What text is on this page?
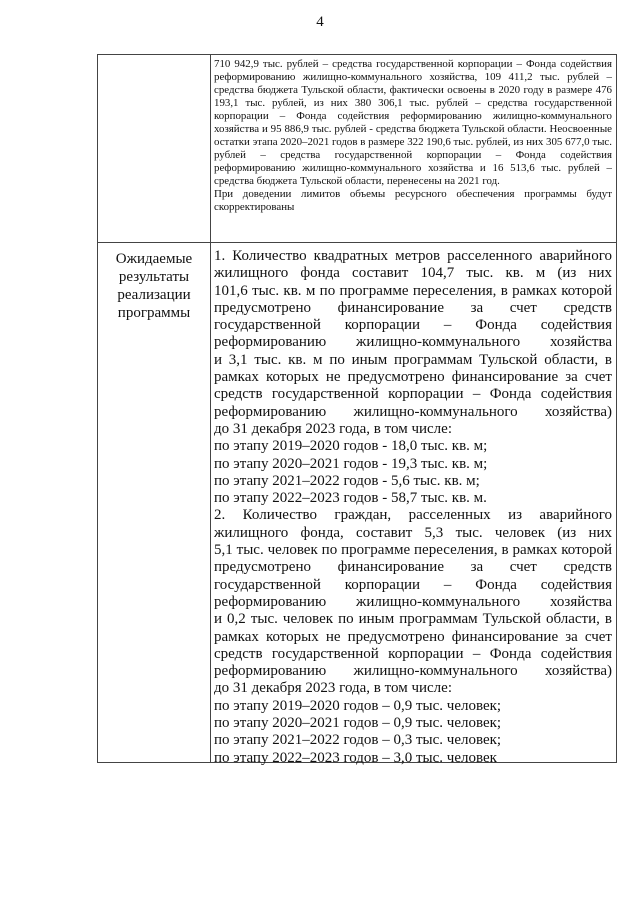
4

710 942,9 тыс. рублей – средства государственной корпорации – Фонда содействия реформированию жилищно-коммунального хозяйства, 109 411,2 тыс. рублей – средства бюджета Тульской области, фактически освоены в 2020 году в размере 476 193,1 тыс. рублей, из них 380 306,1 тыс. рублей – средства государственной корпорации – Фонда содействия реформированию жилищно-коммунального хозяйства и 95 886,9 тыс. рублей - средства бюджета Тульской области. Неосвоенные остатки этапа 2020–2021 годов в размере 322 190,6 тыс. рублей, из них 305 677,0 тыс. рублей – средства государственной корпорации – Фонда содействия реформированию жилищно-коммунального хозяйства и 16 513,6 тыс. рублей – средства бюджета Тульской области, перенесены на 2021 год.

При доведении лимитов объемы ресурсного обеспечения программы будут скорректированы

Ожидаемые
результаты
реализации
программы
1. Количество квадратных метров расселенного аварийного
жилищного фонда составит 104,7 тыс. кв. м (из них
101,6 тыс. кв. м по программе переселения, в рамках которой
предусмотрено финансирование за счет средств
государственной корпорации – Фонда содействия
реформированию жилищно-коммунального хозяйства
и 3,1 тыс. кв. м по иным программам Тульской области, в
рамках которых не предусмотрено финансирование за счет
средств государственной корпорации – Фонда содействия
реформированию жилищно-коммунального хозяйства)
до 31 декабря 2023 года, в том числе:
по этапу 2019–2020 годов - 18,0 тыс. кв. м;
по этапу 2020–2021 годов - 19,3 тыс. кв. м;
по этапу 2021–2022 годов - 5,6 тыс. кв. м;
по этапу 2022–2023 годов - 58,7 тыс. кв. м.
2. Количество граждан, расселенных из аварийного
жилищного фонда, составит 5,3 тыс. человек (из них
5,1 тыс. человек по программе переселения, в рамках которой
предусмотрено финансирование за счет средств
государственной корпорации – Фонда содействия
реформированию жилищно-коммунального хозяйства
и 0,2 тыс. человек по иным программам Тульской области, в
рамках которых не предусмотрено финансирование за счет
средств государственной корпорации – Фонда содействия
реформированию жилищно-коммунального хозяйства)
до 31 декабря 2023 года, в том числе:
по этапу 2019–2020 годов – 0,9 тыс. человек;
по этапу 2020–2021 годов – 0,9 тыс. человек;
по этапу 2021–2022 годов – 0,3 тыс. человек;
по этапу 2022–2023 годов – 3,0 тыс. человек
